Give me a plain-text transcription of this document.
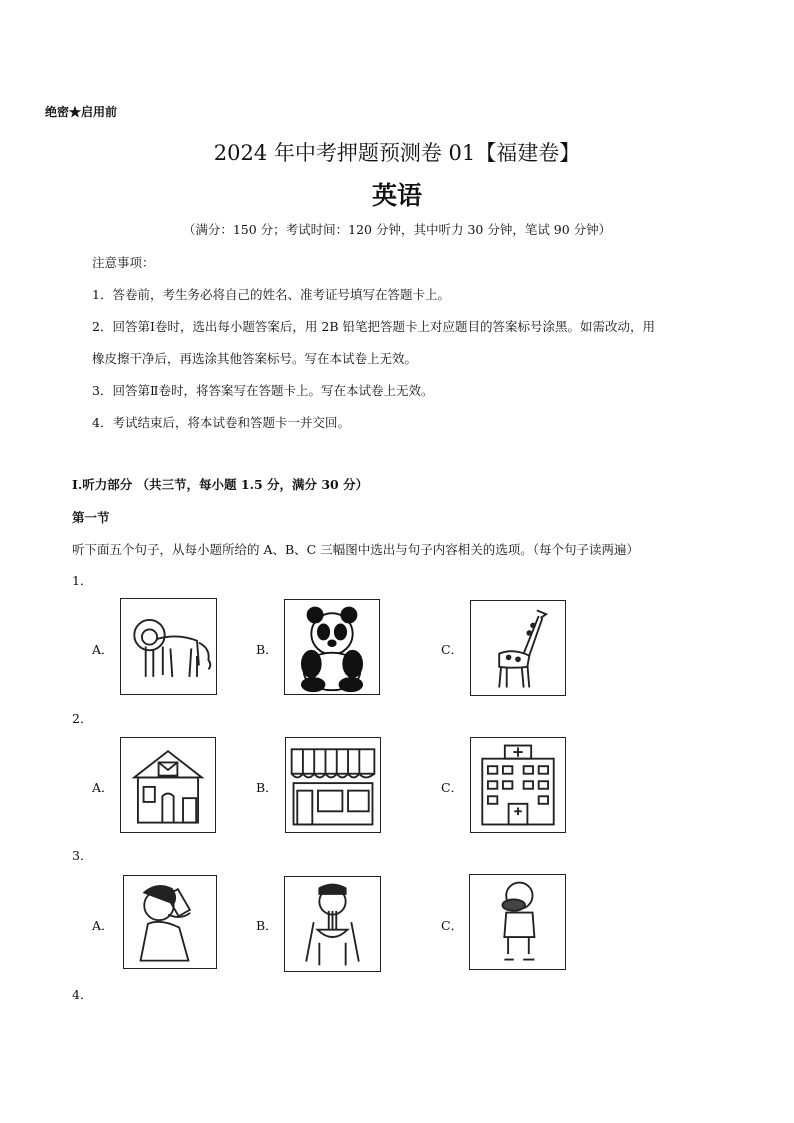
绝密★启用前
2024 年中考押题预测卷 01【福建卷】
英语
（满分：150 分；考试时间：120 分钟，其中听力 30 分钟，笔试 90 分钟）
注意事项：
1．答卷前，考生务必将自己的姓名、准考证号填写在答题卡上。
2．回答第Ⅰ卷时，选出每小题答案后，用 2B 铅笔把答题卡上对应题目的答案标号涂黑。如需改动，用
橡皮擦干净后，再选涂其他答案标号。写在本试卷上无效。
3．回答第Ⅱ卷时，将答案写在答题卡上。写在本试卷上无效。
4．考试结束后，将本试卷和答题卡一并交回。
I.听力部分 （共三节，每小题 1.5 分，满分 30 分）
第一节
听下面五个句子，从每小题所给的 A、B、C 三幅图中选出与句子内容相关的选项。（每个句子读两遍）
1．
A．	B．	C．
2．
A．	B．	C．
3．
A．	B．	C．
4．
